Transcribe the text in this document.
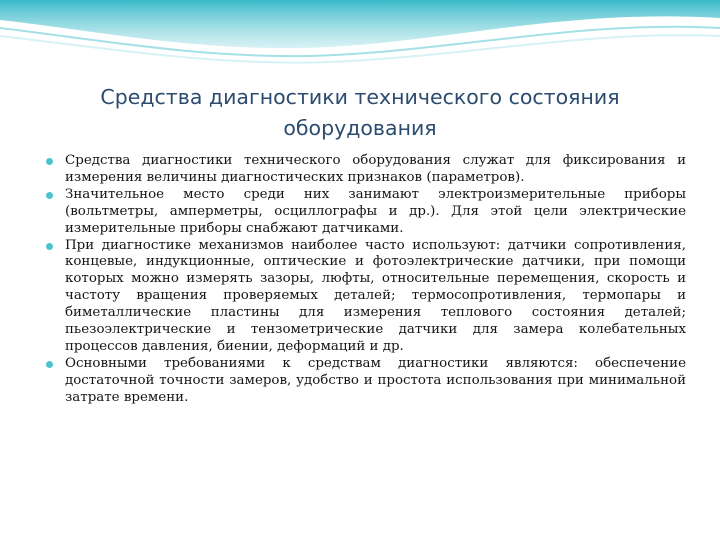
Средства диагностики технического состояния оборудования
Средства диагностики технического оборудования служат для фиксирования и измерения величины диагностических признаков (параметров).
Значительное место среди них занимают электроизмерительные приборы (вольтметры, амперметры, осциллографы и др.). Для этой цели электрические измерительные приборы снабжают датчиками.
При диагностике механизмов наиболее часто используют: датчики сопротивления, концевые, индукционные, оптические и фотоэлектрические датчики, при помощи которых можно измерять зазоры, люфты, относительные перемещения, скорость и частоту вращения проверяемых деталей; термосопротивления, термопары и биметаллические пластины для измерения теплового состояния деталей; пьезоэлектрические и тензометрические датчики для замера колебательных процессов давления, биении, деформаций и др.
Основными требованиями к средствам диагностики являются: обеспечение достаточной точности замеров, удобство и простота использования при минимальной затрате времени.
